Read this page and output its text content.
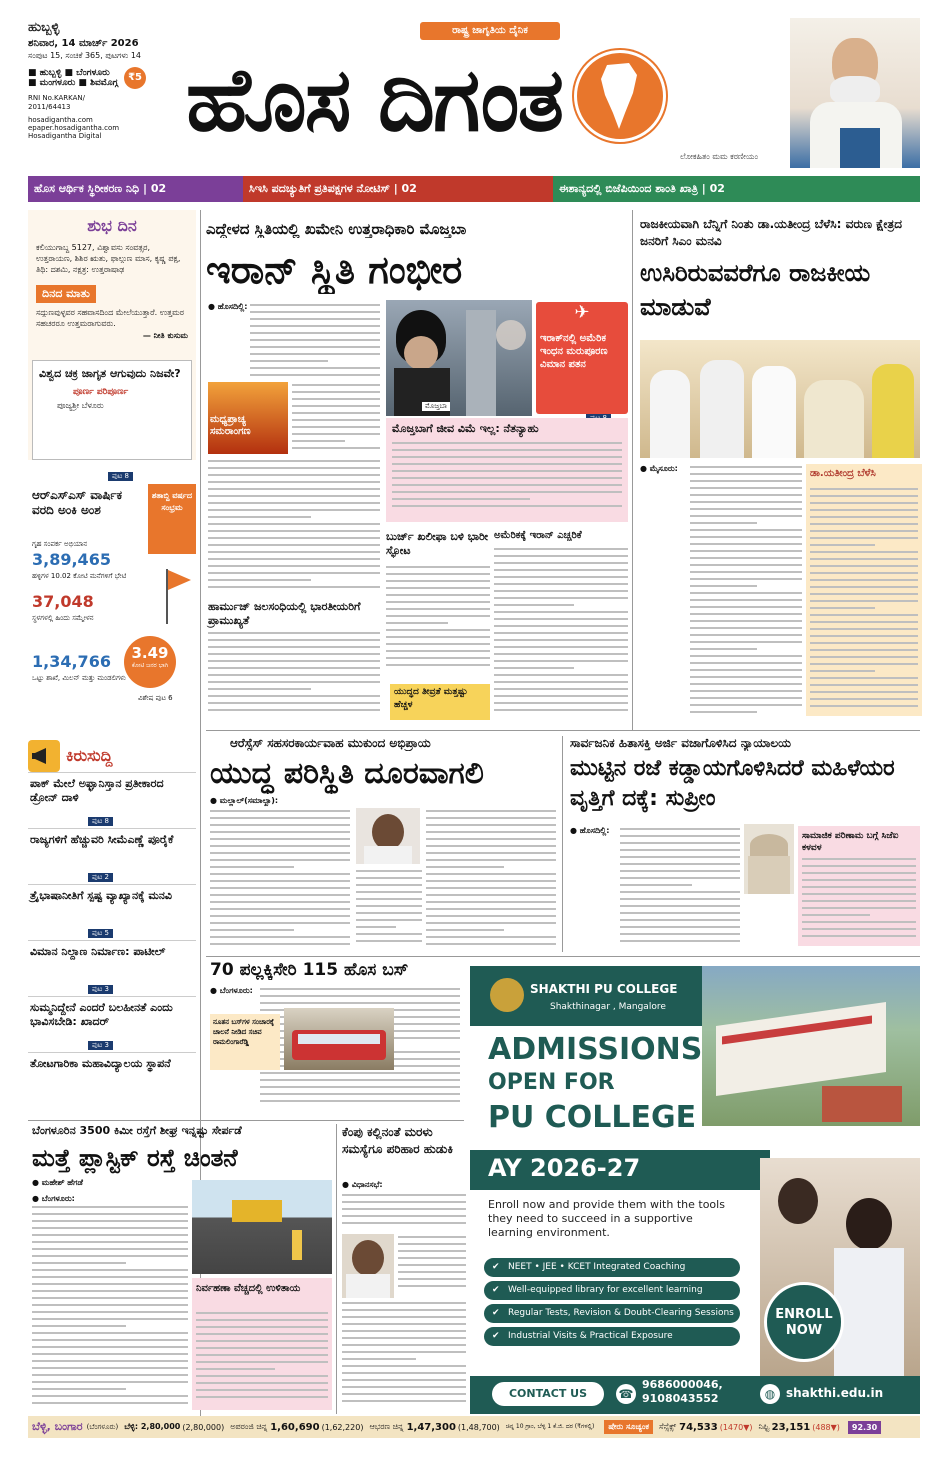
ಹುಬ್ಬಳ್ಳಿ
ಶನಿವಾರ, 14 ಮಾರ್ಚ್ 2026
ಸಂಪುಟ 15, ಸಂಚಿಕೆ 365, ಪುಟಗಳು 14
■ ಹುಬ್ಬಳ್ಳಿ ■ ಬೆಂಗಳೂರು
■ ಮಂಗಳೂರು ■ ಶಿವಮೊಗ್ಗ	₹5
RNI No.KARKAN/ 2011/64413
hosadigantha.com
epaper.hosadigantha.com
Hosadigantha Digital
ರಾಷ್ಟ್ರ ಜಾಗೃತಿಯ ದೈನಿಕ
ಹೊಸ ದಿಗಂತ
ಲೋಕಹಿತಂ ಮಮ ಕರಣೀಯಂ
ಹೊಸ ಆರ್ಥಿಕ ಸ್ಥಿರೀಕರಣ ನಿಧಿ | 02	ಸಿಇಸಿ ಪದಚ್ಯುತಿಗೆ ಪ್ರತಿಪಕ್ಷಗಳ ನೋಟಿಸ್ | 02	ಈಶಾನ್ಯದಲ್ಲಿ ಬಿಜೆಪಿಯಿಂದ ಶಾಂತಿ ಖಾತ್ರಿ | 02
ಶುಭ ದಿನ
ಕಲಿಯುಗಾಬ್ದ 5127, ವಿಶ್ವಾವಸು ಸಂವತ್ಸರ, ಉತ್ತರಾಯಣ, ಶಿಶಿರ ಋತು, ಫಾಲ್ಗುಣ ಮಾಸ, ಕೃಷ್ಣ ಪಕ್ಷ, ತಿಥಿ: ದಶಮಿ, ನಕ್ಷತ್ರ: ಉತ್ತರಾಷಾಢ
ದಿನದ ಮಾತು
ಸದ್ಗುಣವುಳ್ಳವರ ಸಹವಾಸದಿಂದ ಮೇಲೆಯುತ್ತಾರೆ. ಉತ್ತಮರ ಸಹಚರರೂ ಉತ್ತಮರಾಗುವರು.
— ನೀತಿ ಕುಸುಮ
ವಿಶ್ವದ ಚಕ್ರ ಜಾಗೃತ ಆಗುವುದು ನಿಜವೇ?
ಪೂರ್ಣ ಪರಿಪೂರ್ಣ
ಪೂಜ್ಯಶ್ರೀ ಬೆಳೂರು
ಪುಟ 8
ಆರ್‌ಎಸ್‌ಎಸ್ ವಾರ್ಷಿಕ ವರದಿ ಅಂಕಿ ಅಂಶ
ಶತಾಬ್ದಿ ವರ್ಷದ ಸಂಭ್ರಮ
ಗೃಹ ಸಂಪರ್ಕ ಅಭಿಯಾನ
3,89,465
ಹಳ್ಳಿಗಳ 10.02 ಕೋಟಿ ಮನೆಗಳಿಗೆ ಭೇಟಿ
37,048
ಸ್ಥಳಗಳಲ್ಲಿ ಹಿಂದು ಸಮ್ಮೇಳನ
1,34,766
ಒಟ್ಟು ಶಾಖೆ, ಮಿಲನ್ ಮತ್ತು ಮಂಡಲಿಗಳು
3.49
ಕೋಟಿ ಜನರ ಭಾಗಿ
ವಿಶೇಷ ಪುಟ 6
ಕಿರುಸುದ್ದಿ
ಪಾಕ್ ಮೇಲೆ ಅಫ್ಘಾನಿಸ್ತಾನ ಪ್ರತೀಕಾರದ ಡ್ರೋನ್ ದಾಳಿ
ಪುಟ 8
ರಾಜ್ಯಗಳಿಗೆ ಹೆಚ್ಚುವರಿ ಸೀಮೆಎಣ್ಣೆ ಪೂರೈಕೆ
ಪುಟ 2
ತ್ರೈಭಾಷಾನೀತಿಗೆ ಸ್ಪಷ್ಟ ವ್ಯಾಖ್ಯಾನಕ್ಕೆ ಮನವಿ
ಪುಟ 5
ವಿಮಾನ ನಿಲ್ದಾಣ ನಿರ್ಮಾಣ: ಪಾಟೀಲ್
ಪುಟ 3
ಸುಮ್ಮನಿದ್ದೇನೆ ಎಂದರೆ ಬಲಹೀನತೆ ಎಂದು ಭಾವಿಸಬೇಡಿ: ಖಾದರ್
ಪುಟ 3
ತೋಟಗಾರಿಕಾ ಮಹಾವಿದ್ಯಾಲಯ ಸ್ಥಾಪನೆ
ಎದ್ದೇಳದ ಸ್ಥಿತಿಯಲ್ಲಿ ಖಮೇನಿ ಉತ್ತರಾಧಿಕಾರಿ ಮೊಜ್ತಬಾ
ಇರಾನ್ ಸ್ಥಿತಿ ಗಂಭೀರ
● ಹೊಸದಿಲ್ಲಿ:
ಮಧ್ಯಪ್ರಾಚ್ಯ ಸಮರಾಂಗಣ
ಮೊಜ್ತಬಾ
✈
ಇರಾಕ್‌ನಲ್ಲಿ ಅಮೆರಿಕ ಇಂಧನ ಮರುಪೂರಣ ವಿಮಾನ ಪತನ
ಮೊಜ್ತಬಾಗೆ ಜೀವ ವಿಮೆ ಇಲ್ಲ: ನೆತನ್ಯಾಹು
ಹಾರ್ಮುಜ್ ಜಲಸಂಧಿಯಲ್ಲಿ ಭಾರತೀಯರಿಗೆ ಪ್ರಾಮುಖ್ಯತೆ
ಬುರ್ಜ್ ಖಲೀಫಾ ಬಳಿ ಭಾರೀ ಸ್ಫೋಟ
ಅಮೆರಿಕಕ್ಕೆ ಇರಾನ್ ಎಚ್ಚರಿಕೆ
ಯುದ್ಧದ ತೀವ್ರತೆ ಮತ್ತಷ್ಟು ಹೆಚ್ಚಳ
ರಾಜಕೀಯವಾಗಿ ಬೆನ್ನಿಗೆ ನಿಂತು ಡಾ.ಯತೀಂದ್ರ ಬೆಳೆಸಿ: ವರುಣ ಕ್ಷೇತ್ರದ ಜನರಿಗೆ ಸಿಎಂ ಮನವಿ
ಉಸಿರಿರುವವರೆಗೂ ರಾಜಕೀಯ ಮಾಡುವೆ
● ಮೈಸೂರು:	ಡಾ.ಯತೀಂದ್ರ ಬೆಳೆಸಿ
ಆರೆಸ್ಸೆಸ್ ಸಹಸರಕಾರ್ಯವಾಹ ಮುಕುಂದ ಅಭಿಪ್ರಾಯ
ಯುದ್ಧ ಪರಿಸ್ಥಿತಿ ದೂರವಾಗಲಿ
● ಮಲ್ಲಾಲ್(ಸಮಾಲ್ಖಾ):
ಸಾರ್ವಜನಿಕ ಹಿತಾಸಕ್ತಿ ಅರ್ಜಿ ವಜಾಗೊಳಿಸಿದ ನ್ಯಾಯಾಲಯ
ಮುಟ್ಟಿನ ರಜೆ ಕಡ್ಡಾಯಗೊಳಿಸಿದರೆ ಮಹಿಳೆಯರ ವೃತ್ತಿಗೆ ದಕ್ಕೆ: ಸುಪ್ರೀಂ
● ಹೊಸದಿಲ್ಲಿ:
ಸಾಮಾಜಿಕ ಪರಿಣಾಮ ಬಗ್ಗೆ ಸಿಜೆಐ ಕಳವಳ
70 ಪಲ್ಲಕ್ಕಿಸೇರಿ 115 ಹೊಸ ಬಸ್
● ಬೆಂಗಳೂರು:
ನೂತನ ಬಸ್‌ಗಳ ಸಂಚಾರಕ್ಕೆ ಚಾಲನೆ ನೀಡಿದ ಸಚಿವ ರಾಮಲಿಂಗಾರೆಡ್ಡಿ
SHAKTHI PU COLLEGE
Shakthinagar , Mangalore
ADMISSIONS
OPEN FOR
PU COLLEGE
AY 2026-27
Enroll now and provide them with the tools they need to succeed in a supportive learning environment.
✔ NEET • JEE • KCET Integrated Coaching
✔ Well-equipped library for excellent learning
✔ Regular Tests, Revision & Doubt-Clearing Sessions
✔ Industrial Visits & Practical Exposure
ENROLL NOW
CONTACT US	☎
9686000046, 9108043552	◍ shakthi.edu.in
ಬೆಂಗಳೂರಿನ 3500 ಕಿಮೀ ರಸ್ತೆಗೆ ಶೀಘ್ರ ಇನ್ನಷ್ಟು ಸೇರ್ಪಡೆ
ಮತ್ತೆ ಪ್ಲಾಸ್ಟಿಕ್ ರಸ್ತೆ ಚಿಂತನೆ
● ಮಹೇಶ್ ಹೆಗಡೆ
● ಬೆಂಗಳೂರು:
ನಿರ್ವಹಣಾ ವೆಚ್ಚದಲ್ಲಿ ಉಳಿತಾಯ
ಕೆಂಪು ಕಲ್ಲಿನಂತೆ ಮರಳು ಸಮಸ್ಯೆಗೂ ಪರಿಹಾರ ಹುಡುಕಿ
● ವಿಧಾನಸಭೆ:
ಬೆಳ್ಳಿ, ಬಂಗಾರ (ಬೆಂಗಳೂರು) ಬೆಳ್ಳಿ: 2,80,000 (2,80,000) ಅಪರಂಜಿ ಚಿನ್ನ 1,60,690 (1,62,220) ಆಭರಣ ಚಿನ್ನ 1,47,300 (1,48,700) ಚಿನ್ನ 10 ಗ್ರಾಂ, ಬೆಳ್ಳಿ 1 ಕೆ.ಜಿ. ದರ (₹ಗಳಲ್ಲಿ)	ಷೇರು ಸೂಚ್ಯಂಕ	ಸೆನ್ಸೆಕ್ಸ್ 74,533 (1470▼) ನಿಫ್ಟಿ 23,151 (488▼)	92.30
